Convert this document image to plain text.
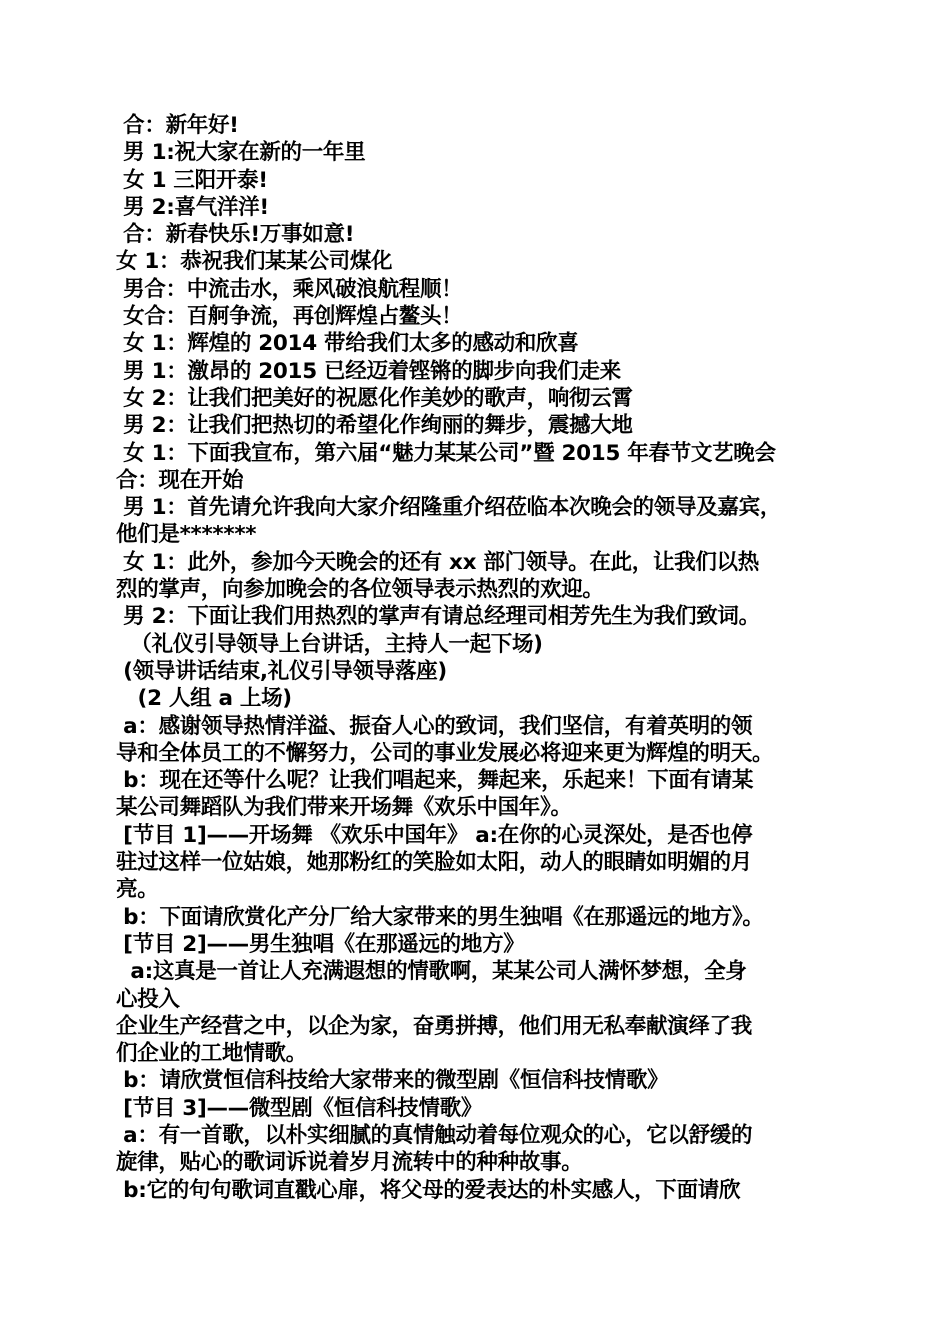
合：新年好!
男 1:祝大家在新的一年里
女 1 三阳开泰!
男 2:喜气洋洋!
合：新春快乐!万事如意!
女 1：恭祝我们某某公司煤化
男合：中流击水，乘风破浪航程顺！
女合：百舸争流，再创辉煌占鳌头！
女 1：辉煌的 2014 带给我们太多的感动和欣喜
男 1：激昂的 2015 已经迈着铿锵的脚步向我们走来
女 2：让我们把美好的祝愿化作美妙的歌声，响彻云霄
男 2：让我们把热切的希望化作绚丽的舞步，震撼大地
女 1：下面我宣布，第六届“魅力某某公司”暨 2015 年春节文艺晚会
合：现在开始
男 1：首先请允许我向大家介绍隆重介绍莅临本次晚会的领导及嘉宾，
他们是*******
女 1：此外，参加今天晚会的还有 xx 部门领导。在此，让我们以热
烈的掌声，向参加晚会的各位领导表示热烈的欢迎。
男 2：下面让我们用热烈的掌声有请总经理司相芳先生为我们致词。
（礼仪引导领导上台讲话，主持人一起下场)
(领导讲话结束,礼仪引导领导落座)
(2 人组 a 上场)
a：感谢领导热情洋溢、振奋人心的致词，我们坚信，有着英明的领
导和全体员工的不懈努力，公司的事业发展必将迎来更为辉煌的明天。
b：现在还等什么呢？让我们唱起来，舞起来，乐起来！下面有请某
某公司舞蹈队为我们带来开场舞《欢乐中国年》。
[节目 1]——开场舞 《欢乐中国年》 a:在你的心灵深处，是否也停
驻过这样一位姑娘，她那粉红的笑脸如太阳，动人的眼睛如明媚的月
亮。
b：下面请欣赏化产分厂给大家带来的男生独唱《在那遥远的地方》。
[节目 2]——男生独唱《在那遥远的地方》
a:这真是一首让人充满遐想的情歌啊，某某公司人满怀梦想，全身
心投入
企业生产经营之中，以企为家，奋勇拼搏，他们用无私奉献演绎了我
们企业的工地情歌。
b：请欣赏恒信科技给大家带来的微型剧《恒信科技情歌》
[节目 3]——微型剧《恒信科技情歌》
a：有一首歌，以朴实细腻的真情触动着每位观众的心，它以舒缓的
旋律，贴心的歌词诉说着岁月流转中的种种故事。
b:它的句句歌词直戳心扉，将父母的爱表达的朴实感人，下面请欣
